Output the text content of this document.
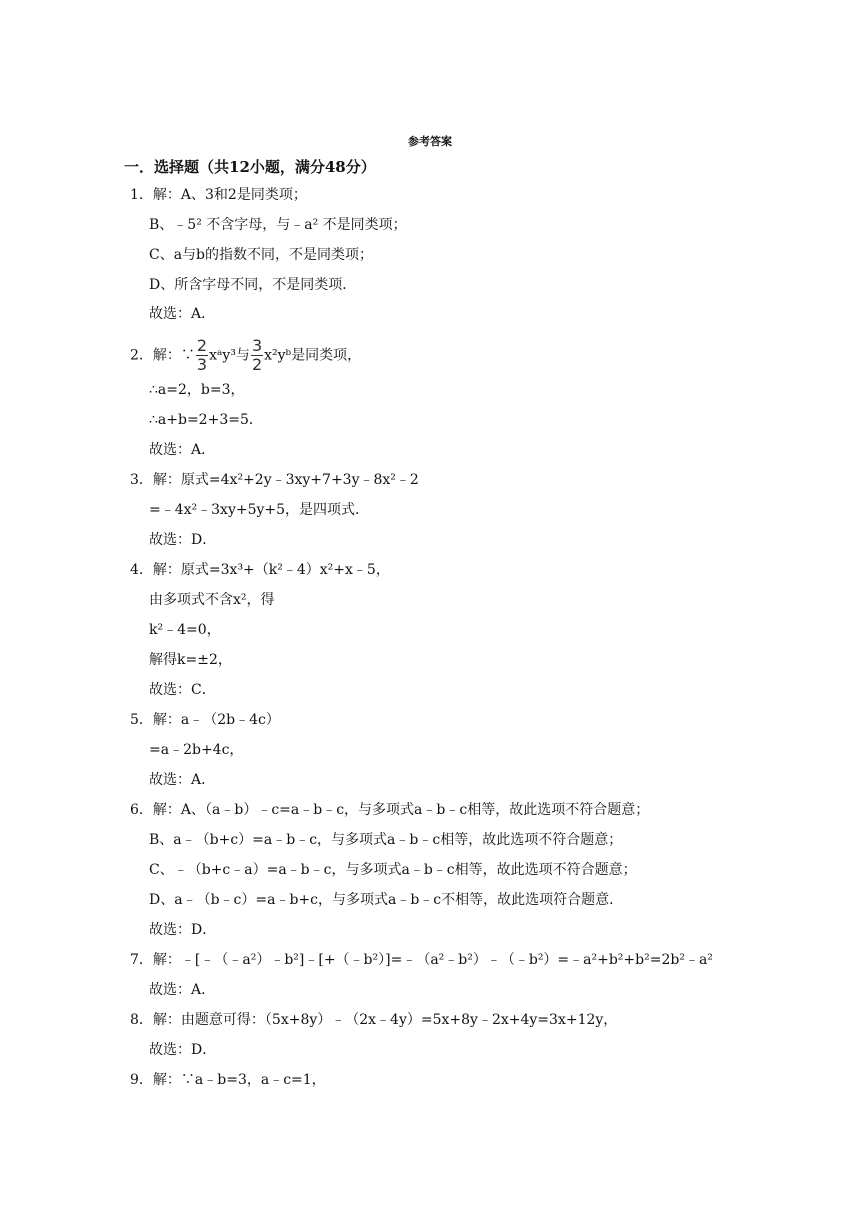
参考答案
一．选择题（共12小题，满分48分）
1．解：A、3和2是同类项；
B、﹣5² 不含字母，与﹣a² 不是同类项；
C、a与b的指数不同，不是同类项；
D、所含字母不同，不是同类项．
故选：A．
2．解：∵ $\frac{2}{3}$ xᵃy³与 $\frac{3}{2}$ x²yᵇ是同类项，
∴a=2，b=3，
∴a+b=2+3=5．
故选：A．
3．解：原式=4x²+2y﹣3xy+7+3y﹣8x²﹣2
=﹣4x²﹣3xy+5y+5，是四项式．
故选：D．
4．解：原式=3x³+（k²﹣4）x²+x﹣5，
由多项式不含x²，得
k²﹣4=0，
解得k=±2，
故选：C．
5．解：a﹣（2b﹣4c）
=a﹣2b+4c，
故选：A．
6．解：A、（a﹣b）﹣c=a﹣b﹣c，与多项式a﹣b﹣c相等，故此选项不符合题意；
B、a﹣（b+c）=a﹣b﹣c，与多项式a﹣b﹣c相等，故此选项不符合题意；
C、﹣（b+c﹣a）=a﹣b﹣c，与多项式a﹣b﹣c相等，故此选项不符合题意；
D、a﹣（b﹣c）=a﹣b+c，与多项式a﹣b﹣c不相等，故此选项符合题意．
故选：D．
7．解：﹣[﹣（﹣a²）﹣b²]﹣[+（﹣b²）]=﹣（a²﹣b²）﹣（﹣b²）=﹣a²+b²+b²=2b²﹣a²
故选：A．
8．解：由题意可得：（5x+8y）﹣（2x﹣4y）=5x+8y﹣2x+4y=3x+12y，
故选：D．
9．解：∵a﹣b=3，a﹣c=1，
